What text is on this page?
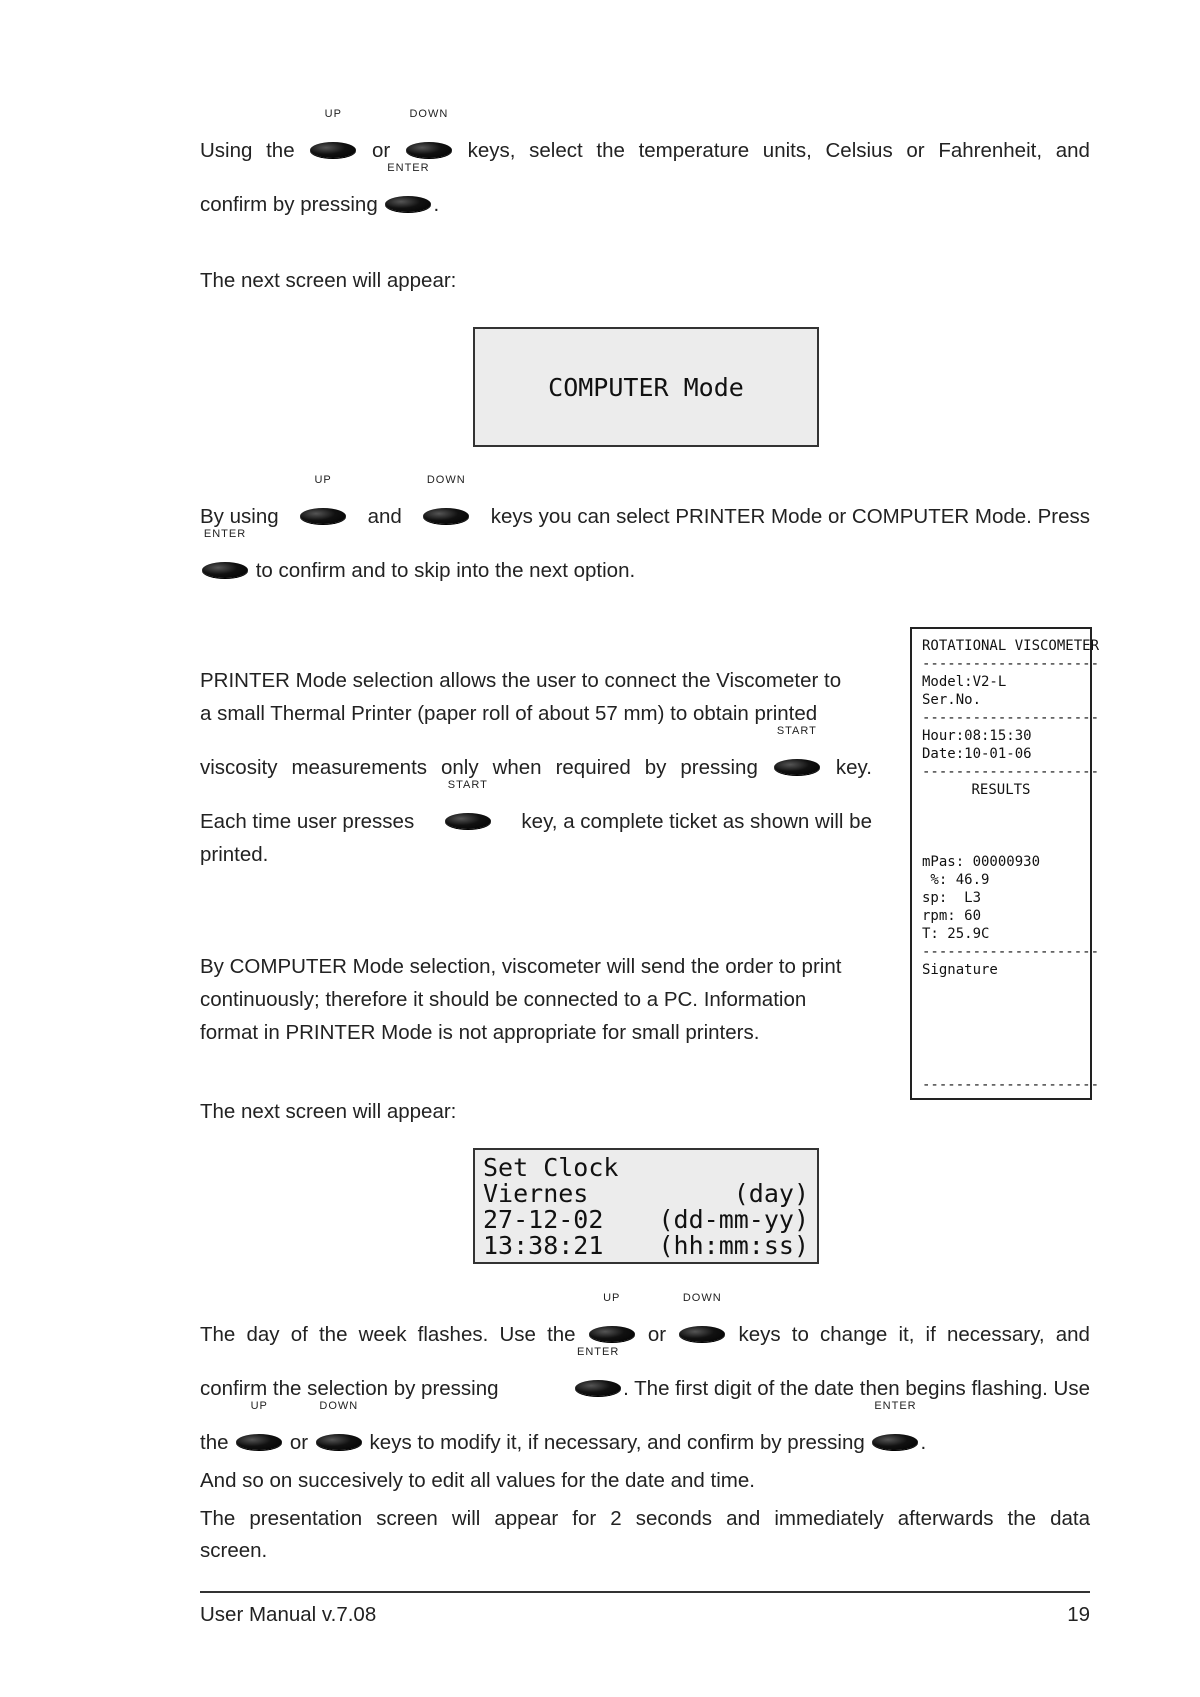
Using the
UP
or
DOWN
keys, select the temperature units, Celsius or Fahrenheit, and
confirm by pressing
ENTER
.
The next screen will appear:
COMPUTER Mode
By using
UP
and
DOWN
keys you can select PRINTER Mode or COMPUTER Mode. Press
ENTER
to confirm and to skip into the next option.
PRINTER Mode selection allows the user to connect the Viscometer to
a small Thermal Printer (paper roll of about 57 mm) to obtain printed
viscosity measurements only when required by pressing
START
key.
Each time user presses
START
key, a complete ticket as shown will be
printed.
By COMPUTER Mode selection, viscometer will send the order to print
continuously; therefore it should be connected to a PC. Information
format in PRINTER Mode is not appropriate for small printers.
ROTATIONAL VISCOMETER
---------------------
Model:V2-L
Ser.No.
---------------------
Hour:08:15:30
Date:10-01-06
---------------------
RESULTS
mPas: 00000930
%: 46.9
sp:  L3
rpm: 60
T: 25.9C
---------------------
Signature
---------------------
The next screen will appear:
Set Clock
Viernes	(day)
27-12-02 (dd-mm-yy)
13:38:21 (hh:mm:ss)
The day of the week flashes. Use the
UP
or
DOWN
keys to change it, if necessary, and
confirm the selection by pressing
ENTER
. The first digit of the date then begins flashing. Use
the
UP
or
DOWN
keys to modify it, if necessary, and confirm by pressing
ENTER
.
And so on succesively to edit all values for the date and time.
The presentation screen will appear for 2 seconds and immediately afterwards the data
screen.
User Manual v.7.08	19
